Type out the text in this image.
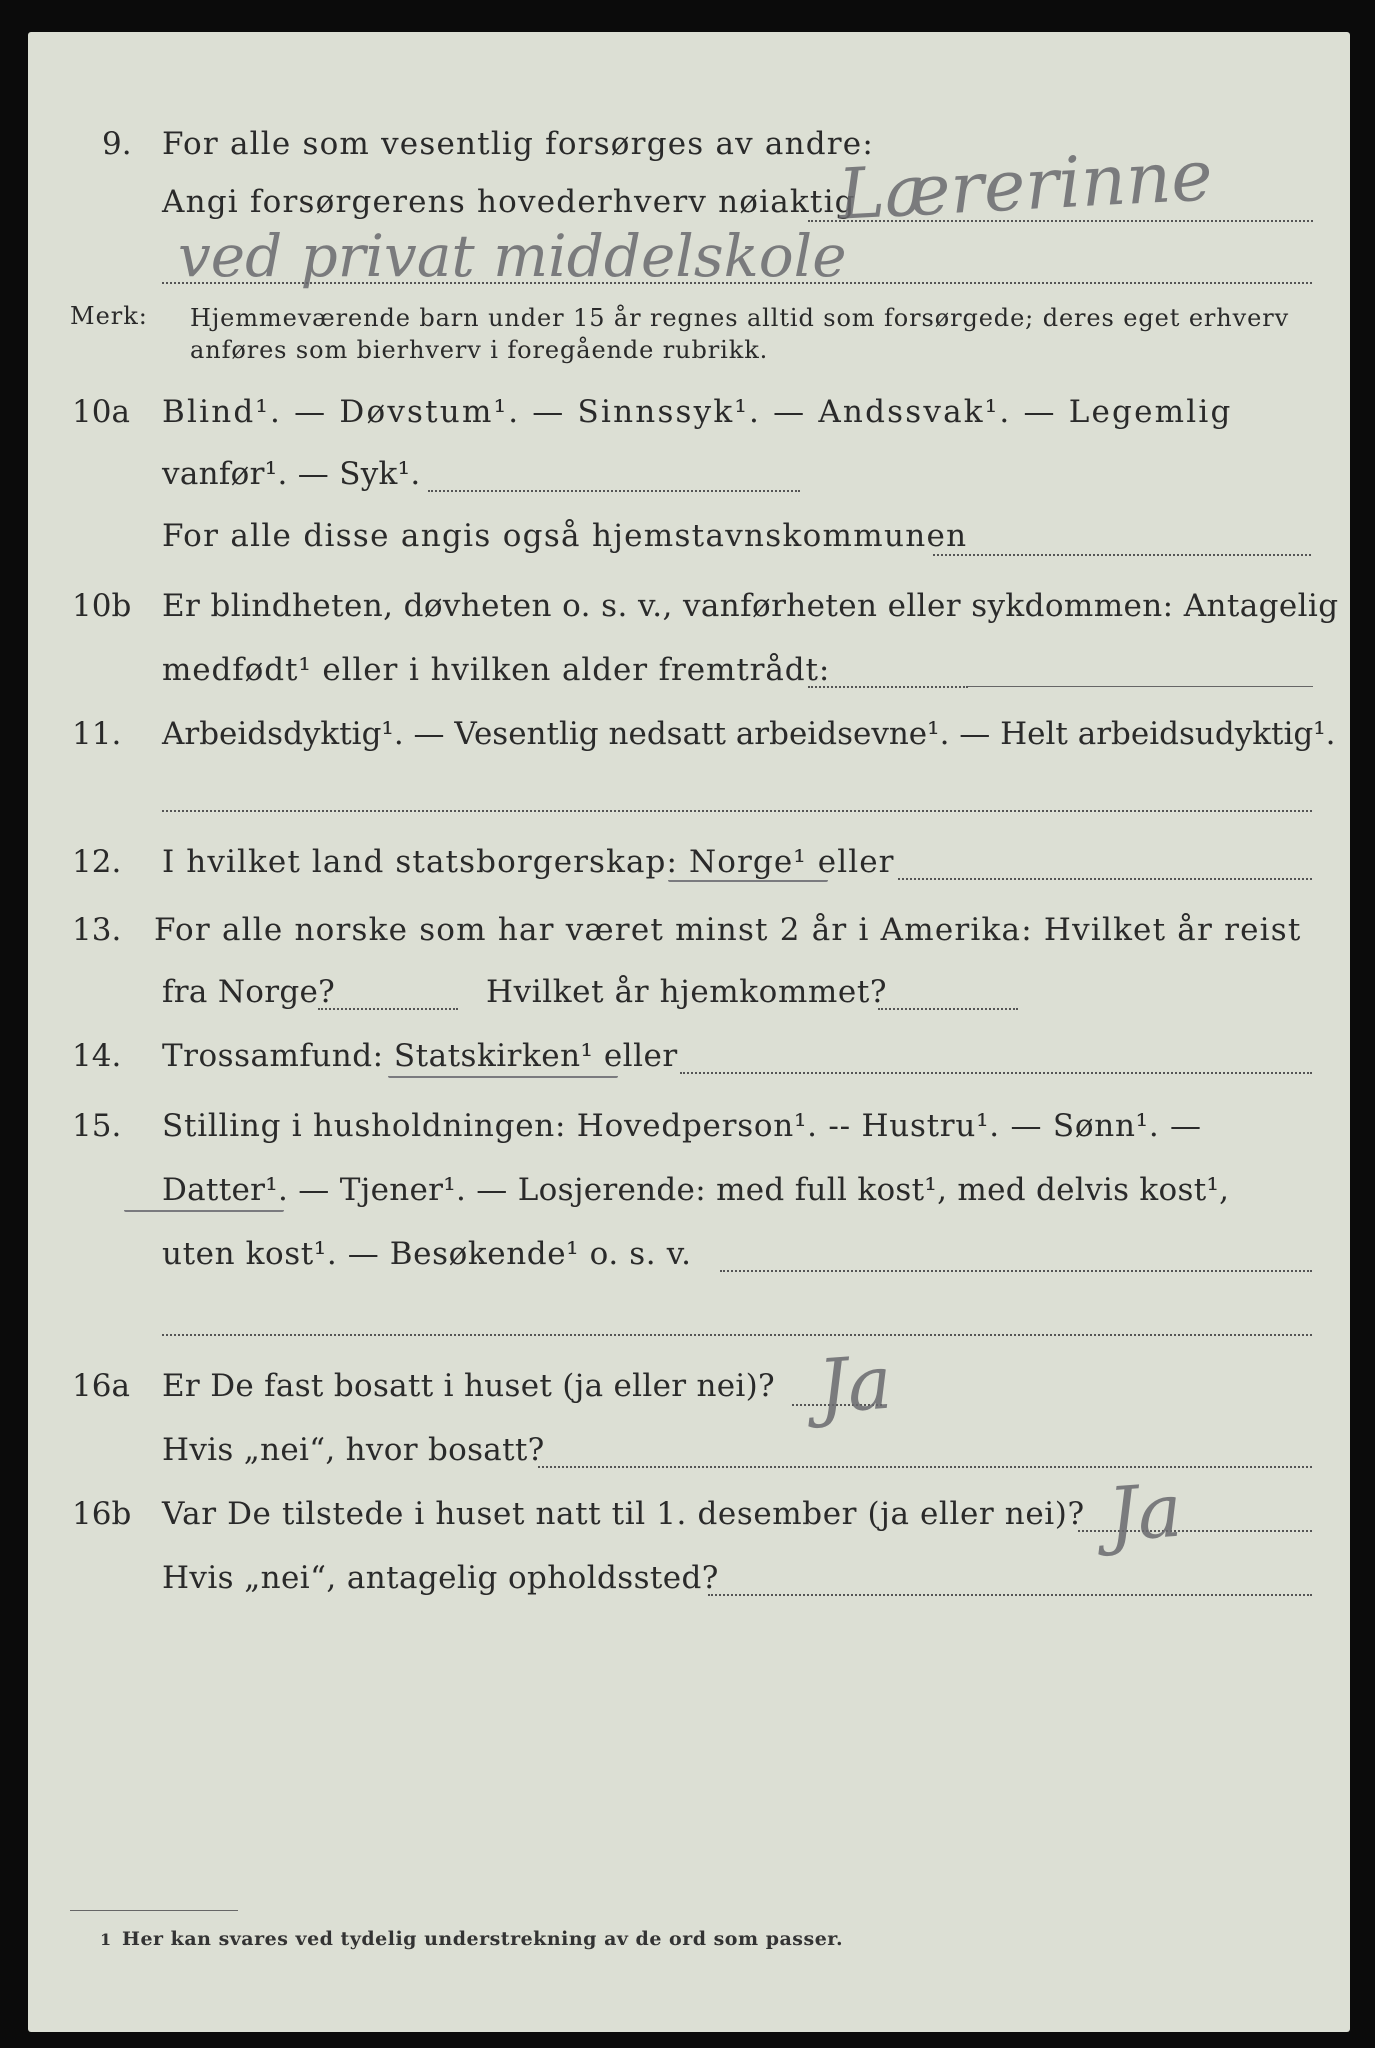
9. For alle som vesentlig forsørges av andre:
Angi forsørgerens hovederhverv nøiaktig
Lærerinne
ved privat middelskole
Merk: Hjemmeværende barn under 15 år regnes alltid som forsørgede; deres eget erhverv
anføres som bierhverv i foregående rubrikk.
10a Blind¹. — Døvstum¹. — Sinnssyk¹. — Andssvak¹. — Legemlig
vanfør¹. — Syk¹.
For alle disse angis også hjemstavnskommunen
10b Er blindheten, døvheten o. s. v., vanførheten eller sykdommen: Antagelig
medfødt¹ eller i hvilken alder fremtrådt:
11. Arbeidsdyktig¹. — Vesentlig nedsatt arbeidsevne¹. — Helt arbeidsudyktig¹.
12. I hvilket land statsborgerskap: Norge¹ eller
13. For alle norske som har været minst 2 år i Amerika: Hvilket år reist
fra Norge?	Hvilket år hjemkommet?
14. Trossamfund: Statskirken¹ eller
15. Stilling i husholdningen: Hovedperson¹. -- Hustru¹. — Sønn¹. —
Datter¹. — Tjener¹. — Losjerende: med full kost¹, med delvis kost¹,
uten kost¹. — Besøkende¹ o. s. v.
16a Er De fast bosatt i huset (ja eller nei)? Ja
Hvis „nei“, hvor bosatt?
16b Var De tilstede i huset natt til 1. desember (ja eller nei)? Ja
Hvis „nei“, antagelig opholdssted?
1 Her kan svares ved tydelig understrekning av de ord som passer.
